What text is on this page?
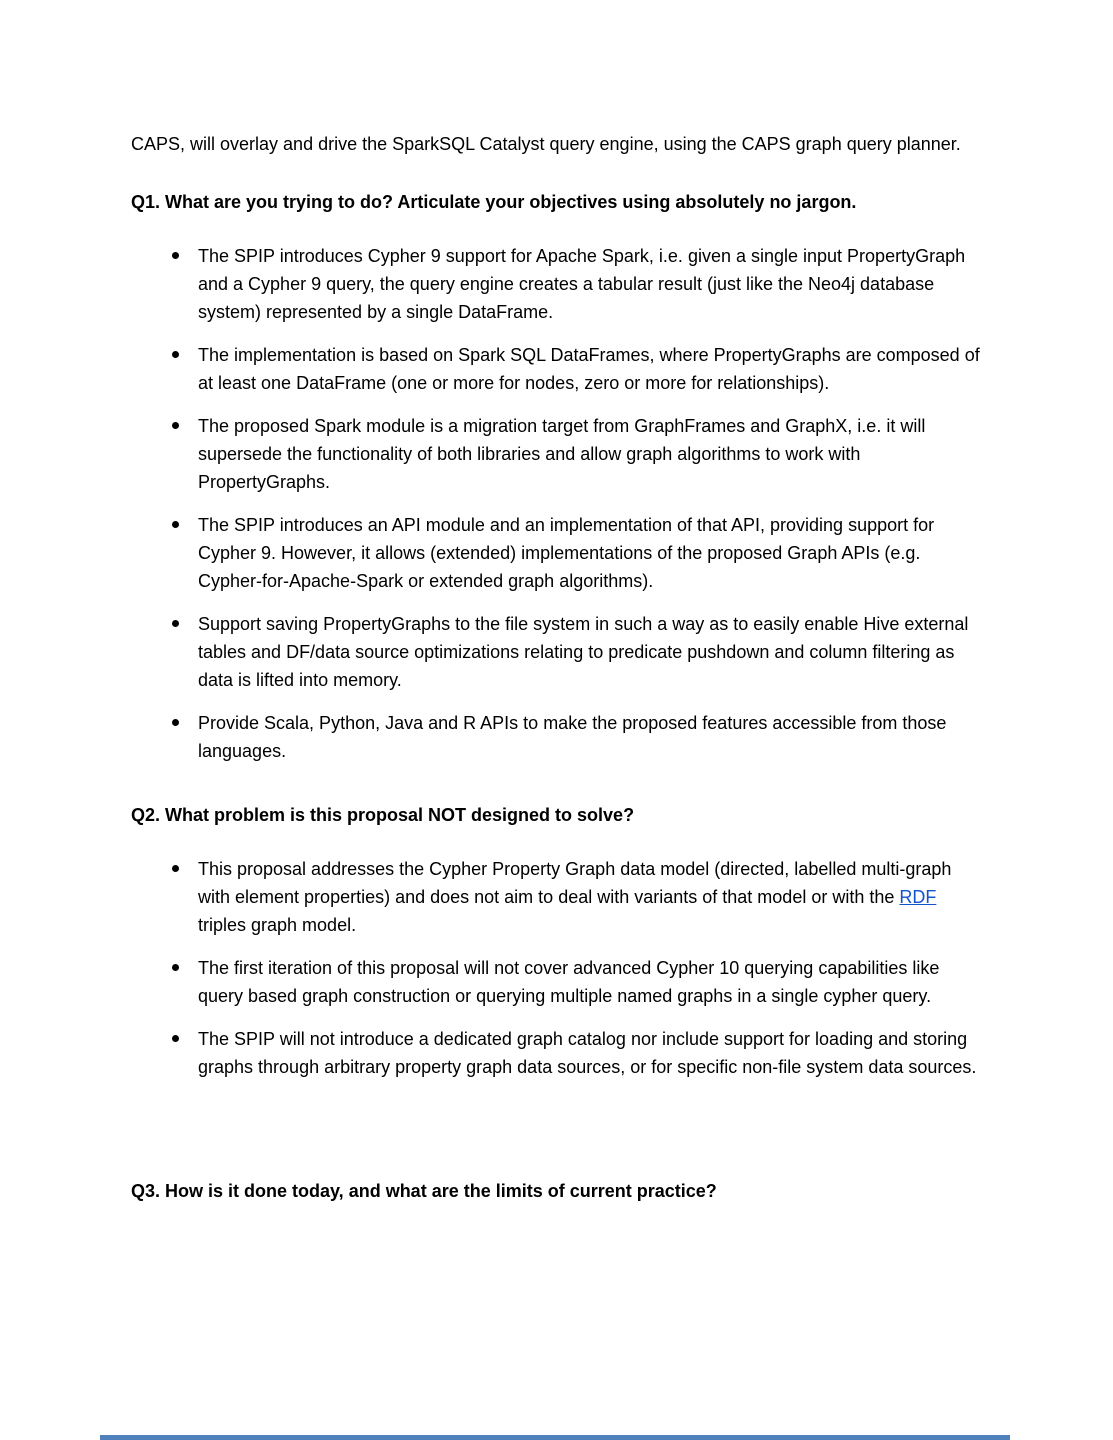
CAPS, will overlay and drive the SparkSQL Catalyst query engine, using the CAPS graph query planner.

Q1. What are you trying to do? Articulate your objectives using absolutely no jargon.
The SPIP introduces Cypher 9 support for Apache Spark, i.e. given a single input PropertyGraph and a Cypher 9 query, the query engine creates a tabular result (just like the Neo4j database system) represented by a single DataFrame.
The implementation is based on Spark SQL DataFrames, where PropertyGraphs are composed of at least one DataFrame (one or more for nodes, zero or more for relationships).
The proposed Spark module is a migration target from GraphFrames and GraphX, i.e. it will supersede the functionality of both libraries and allow graph algorithms to work with PropertyGraphs.
The SPIP introduces an API module and an implementation of that API, providing support for Cypher 9. However, it allows (extended) implementations of the proposed Graph APIs (e.g. Cypher-for-Apache-Spark or extended graph algorithms).
Support saving PropertyGraphs to the file system in such a way as to easily enable Hive external tables and DF/data source optimizations relating to predicate pushdown and column filtering as data is lifted into memory.
Provide Scala, Python, Java and R APIs to make the proposed features accessible from those languages.
Q2. What problem is this proposal NOT designed to solve?
This proposal addresses the Cypher Property Graph data model (directed, labelled multi-graph with element properties) and does not aim to deal with variants of that model or with the RDF triples graph model.
The first iteration of this proposal will not cover advanced Cypher 10 querying capabilities like query based graph construction or querying multiple named graphs in a single cypher query.
The SPIP will not introduce a dedicated graph catalog nor include support for loading and storing graphs through arbitrary property graph data sources, or for specific non-file system data sources.
Q3. How is it done today, and what are the limits of current practice?
